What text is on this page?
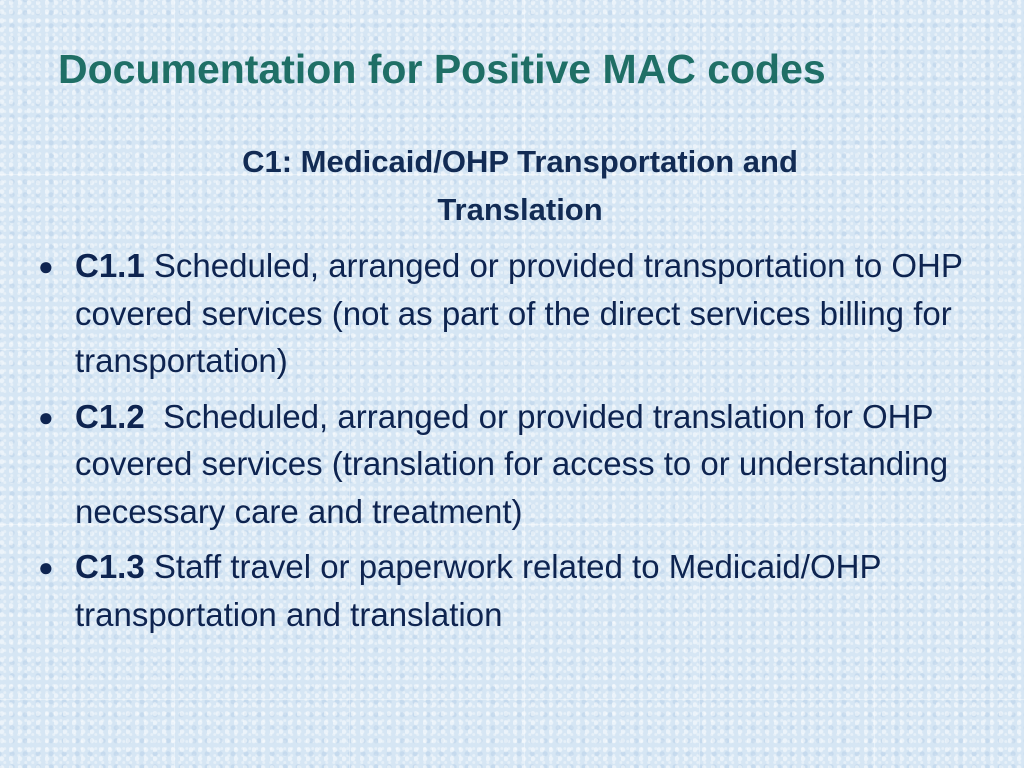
Documentation for Positive MAC codes
C1: Medicaid/OHP Transportation and
Translation
● C1.1 Scheduled, arranged or provided transportation to OHP covered services (not as part of the direct services billing for transportation)
● C1.2 Scheduled, arranged or provided translation for OHP covered services (translation for access to or understanding necessary care and treatment)
● C1.3 Staff travel or paperwork related to Medicaid/OHP transportation and translation
